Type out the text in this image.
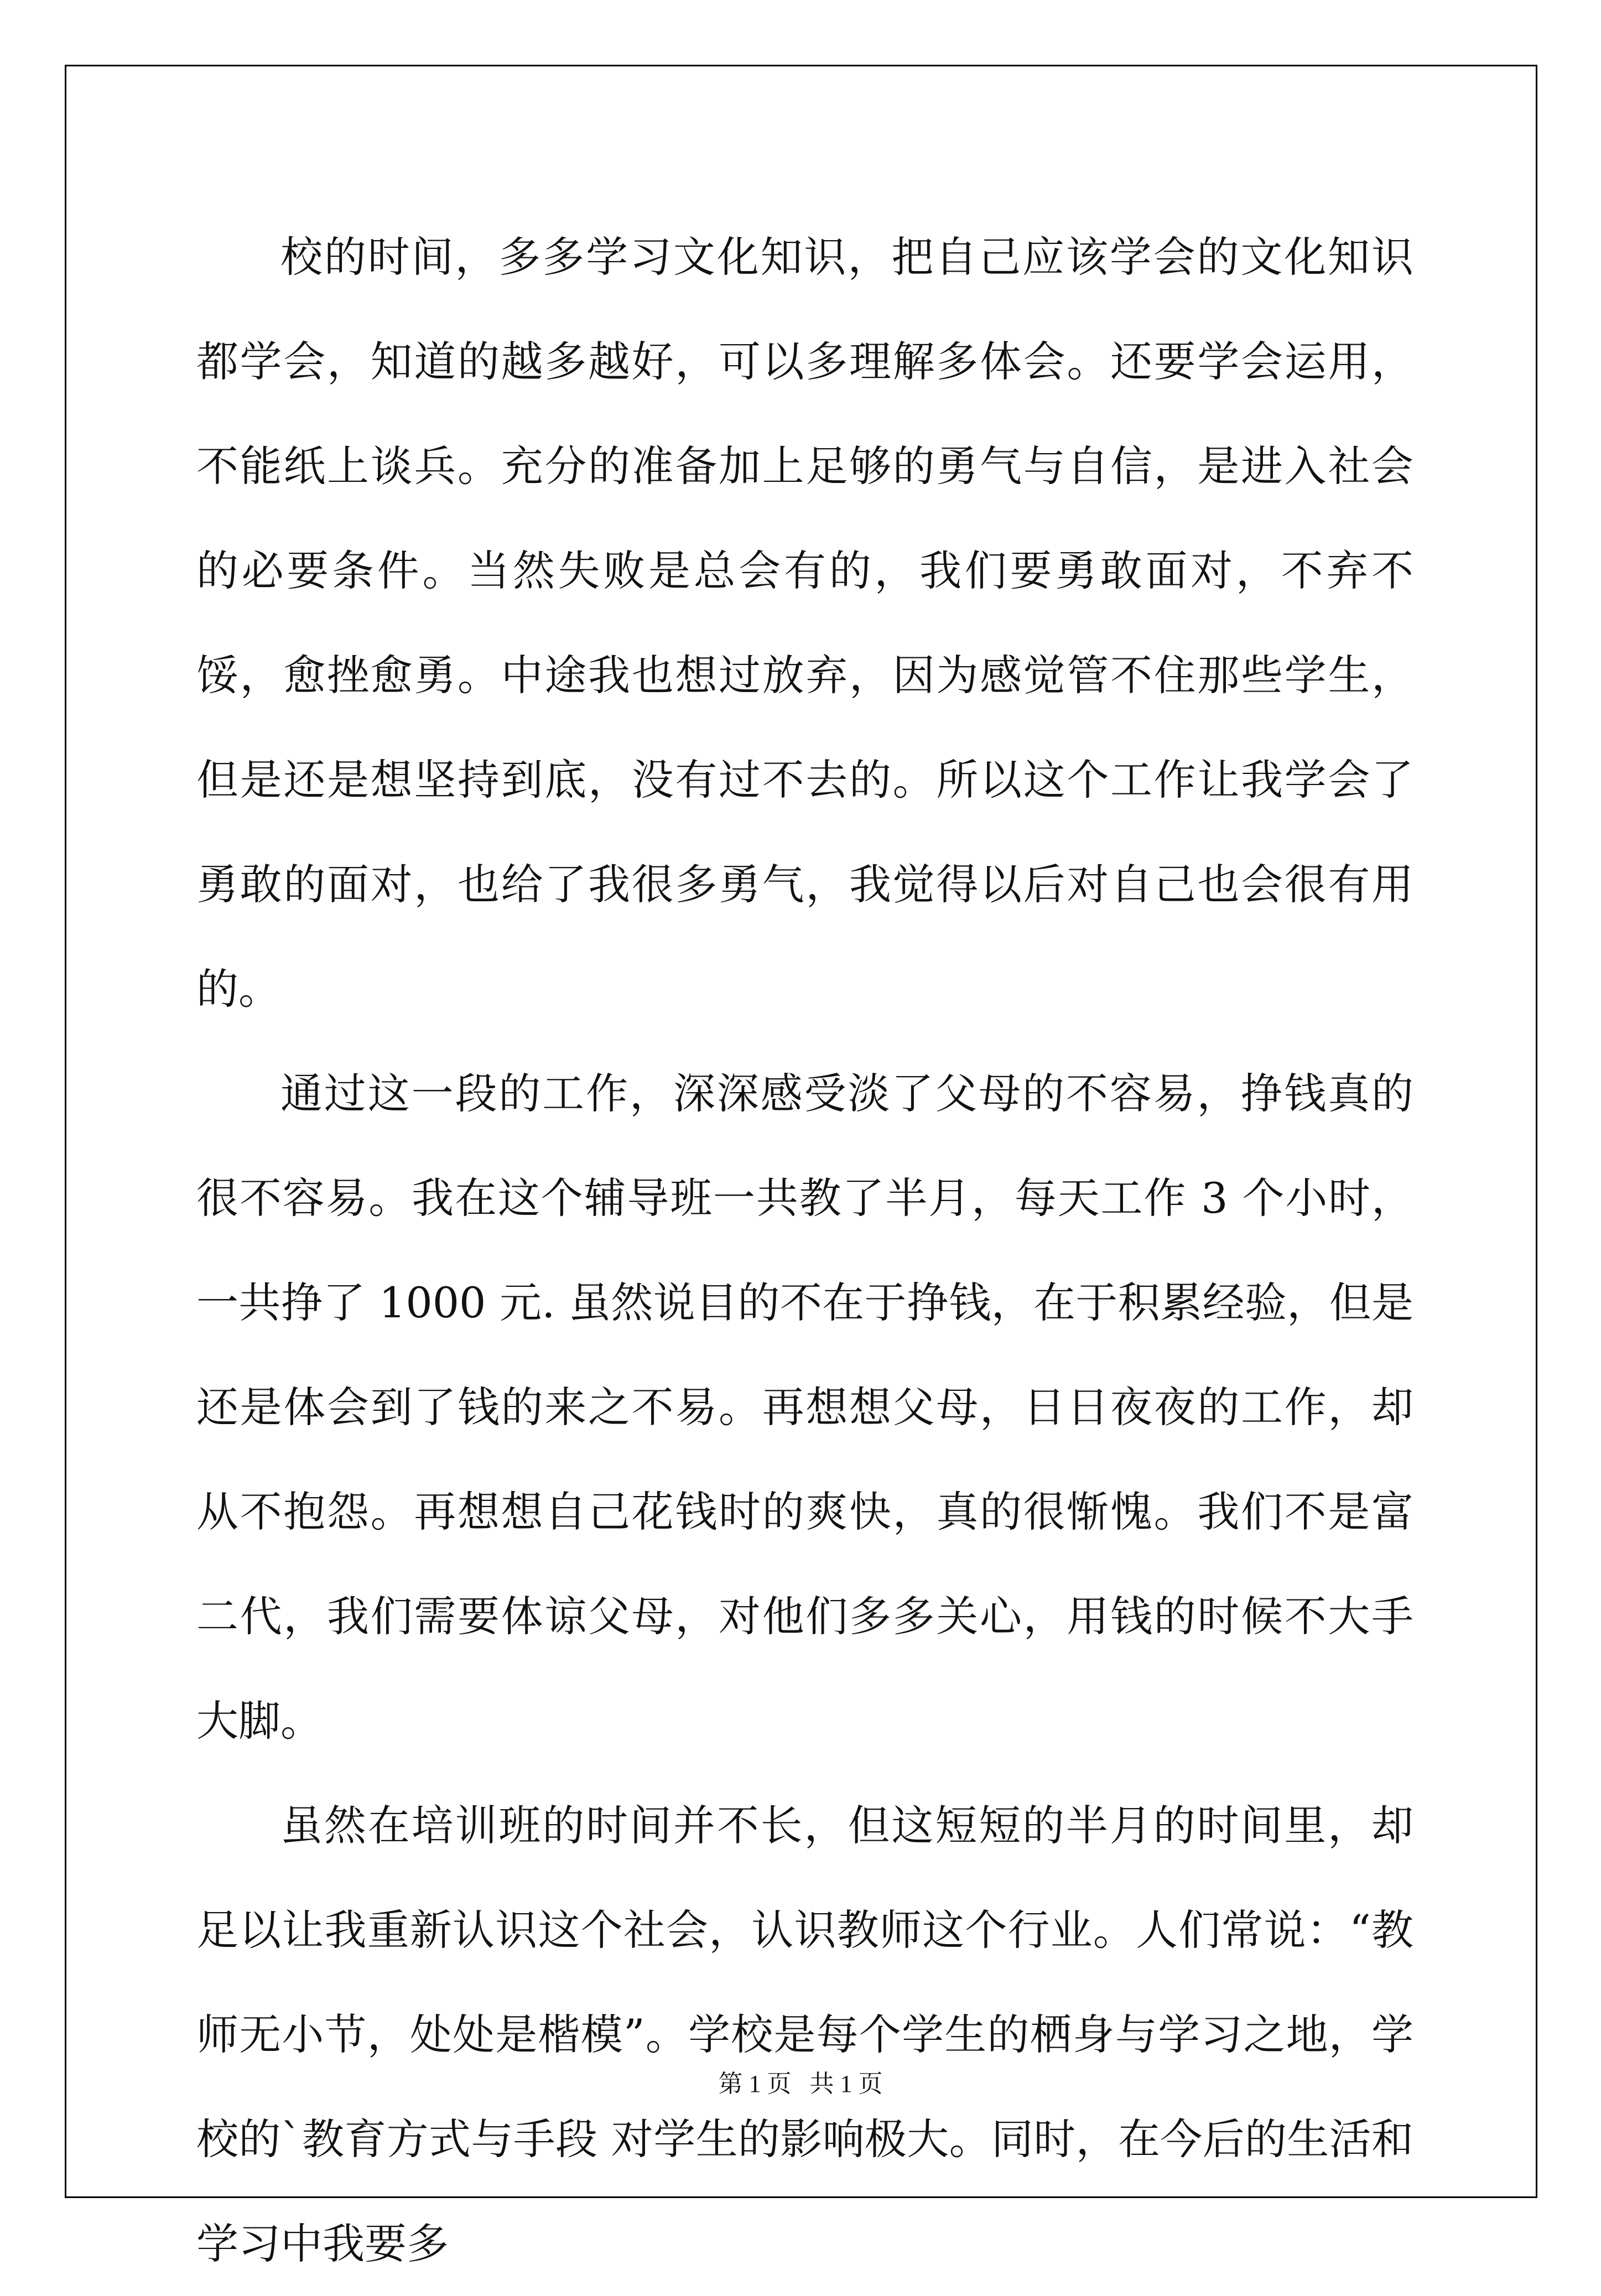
校的时间，多多学习文化知识，把自己应该学会的文化知识都学会，知道的越多越好，可以多理解多体会。还要学会运用，不能纸上谈兵。充分的准备加上足够的勇气与自信，是进入社会的必要条件。当然失败是总会有的，我们要勇敢面对，不弃不馁，愈挫愈勇。中途我也想过放弃，因为感觉管不住那些学生，但是还是想坚持到底，没有过不去的。所以这个工作让我学会了勇敢的面对，也给了我很多勇气，我觉得以后对自己也会很有用的。

通过这一段的工作，深深感受淡了父母的不容易，挣钱真的很不容易。我在这个辅导班一共教了半月，每天工作 3 个小时，一共挣了 1000 元. 虽然说目的不在于挣钱，在于积累经验，但是还是体会到了钱的来之不易。再想想父母，日日夜夜的工作，却从不抱怨。再想想自己花钱时的爽快，真的很惭愧。我们不是富二代，我们需要体谅父母，对他们多多关心，用钱的时候不大手大脚。

虽然在培训班的时间并不长，但这短短的半月的时间里，却足以让我重新认识这个社会，认识教师这个行业。人们常说：“教师无小节，处处是楷模”。学校是每个学生的栖身与学习之地，学校的`教育方式与手段 对学生的影响极大。同时，在今后的生活和学习中我要多

第 1 页 共 1 页
